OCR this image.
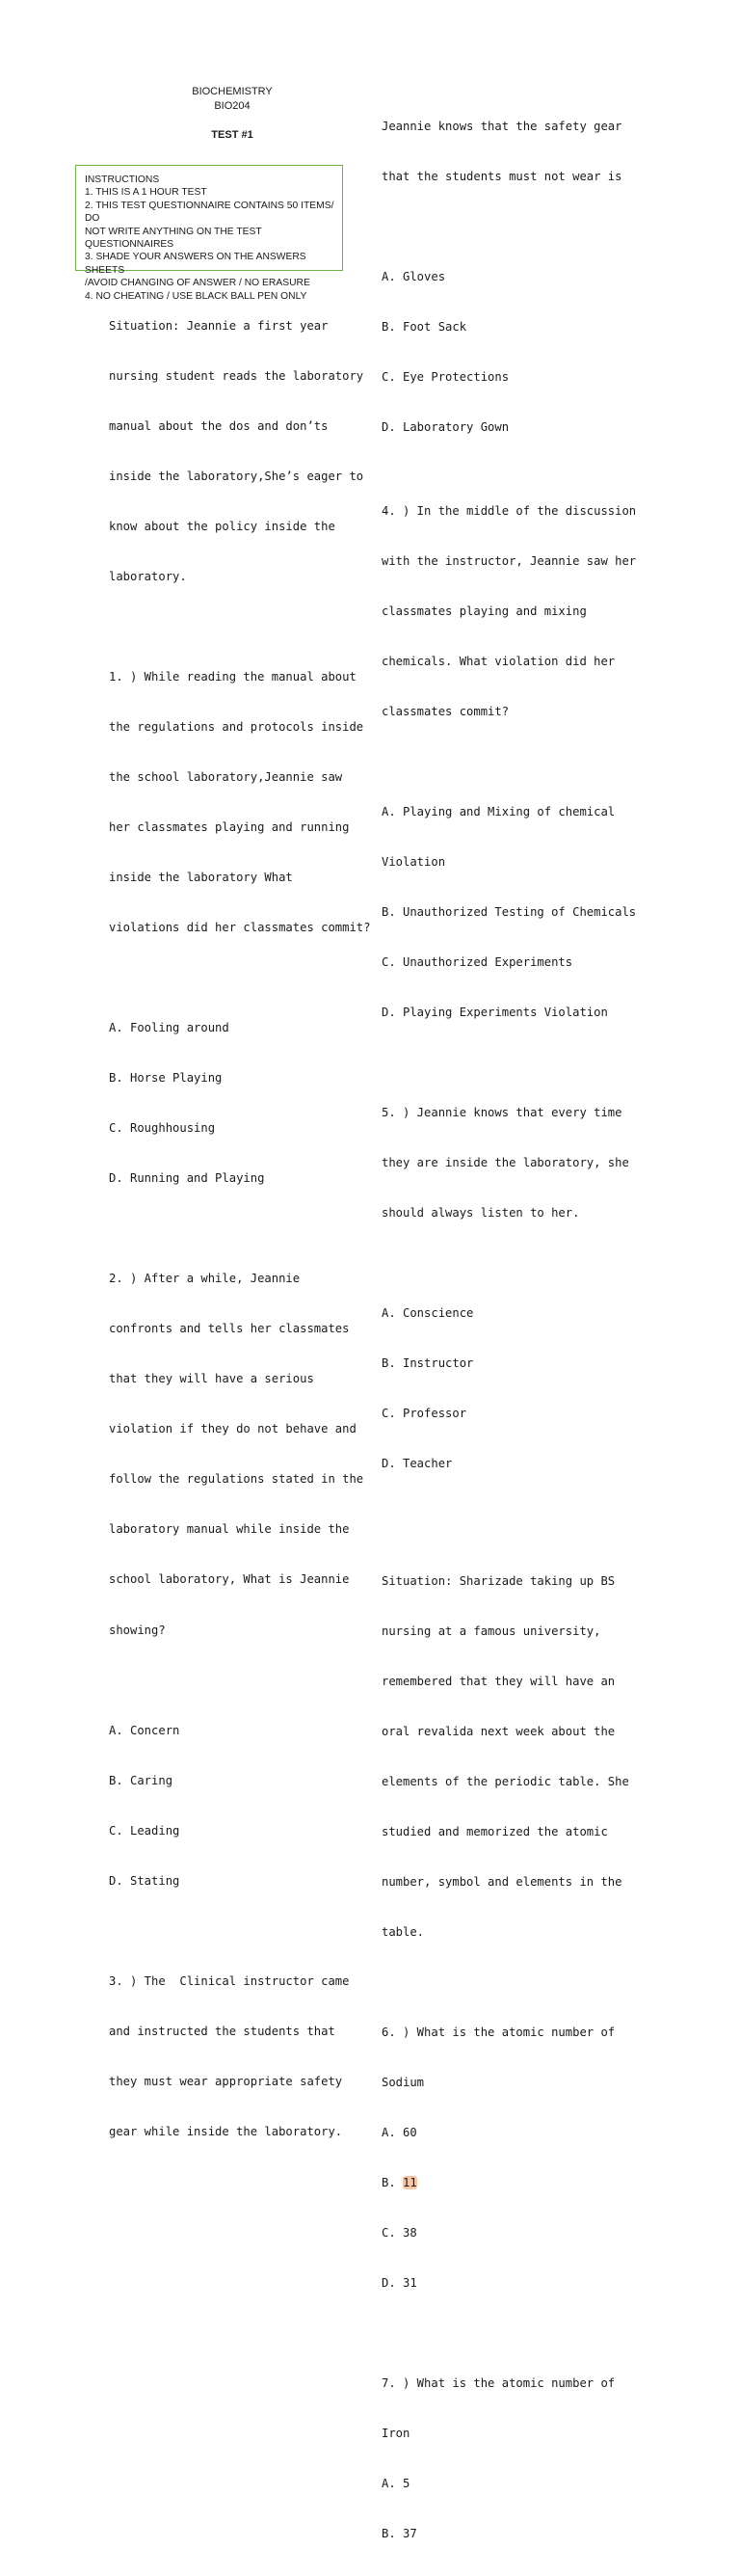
BIOCHEMISTRY
BIO204
TEST #1
INSTRUCTIONS
1. THIS IS A 1 HOUR TEST
2. THIS TEST QUESTIONNAIRE CONTAINS 50 ITEMS/ DO
NOT WRITE ANYTHING ON THE TEST QUESTIONNAIRES
3. SHADE YOUR ANSWERS ON THE ANSWERS SHEETS
/AVOID CHANGING OF ANSWER / NO ERASURE
4. NO CHEATING / USE BLACK BALL PEN ONLY

Situation: Jeannie a first year

nursing student reads the laboratory

manual about the dos and don’ts

inside the laboratory,She’s eager to

know about the policy inside the

laboratory.

1. ) While reading the manual about

the regulations and protocols inside

the school laboratory,Jeannie saw

her classmates playing and running

inside the laboratory What

violations did her classmates commit?

A. Fooling around

B. Horse Playing

C. Roughhousing

D. Running and Playing

2. ) After a while, Jeannie

confronts and tells her classmates

that they will have a serious

violation if they do not behave and

follow the regulations stated in the

laboratory manual while inside the

school laboratory, What is Jeannie

showing?

A. Concern

B. Caring

C. Leading

D. Stating

3. ) The  Clinical instructor came

and instructed the students that

they must wear appropriate safety

gear while inside the laboratory.

Jeannie knows that the safety gear

that the students must not wear is

A. Gloves

B. Foot Sack

C. Eye Protections

D. Laboratory Gown

4. ) In the middle of the discussion

with the instructor, Jeannie saw her

classmates playing and mixing

chemicals. What violation did her

classmates commit?

A. Playing and Mixing of chemical

Violation

B. Unauthorized Testing of Chemicals

C. Unauthorized Experiments

D. Playing Experiments Violation

5. ) Jeannie knows that every time

they are inside the laboratory, she

should always listen to her.

A. Conscience

B. Instructor

C. Professor

D. Teacher

Situation: Sharizade taking up BS

nursing at a famous university,

remembered that they will have an

oral revalida next week about the

elements of the periodic table. She

studied and memorized the atomic

number, symbol and elements in the

table.

6. ) What is the atomic number of

Sodium

A. 60

B. 11

C. 38

D. 31

7. ) What is the atomic number of

Iron

A. 5

B. 37
